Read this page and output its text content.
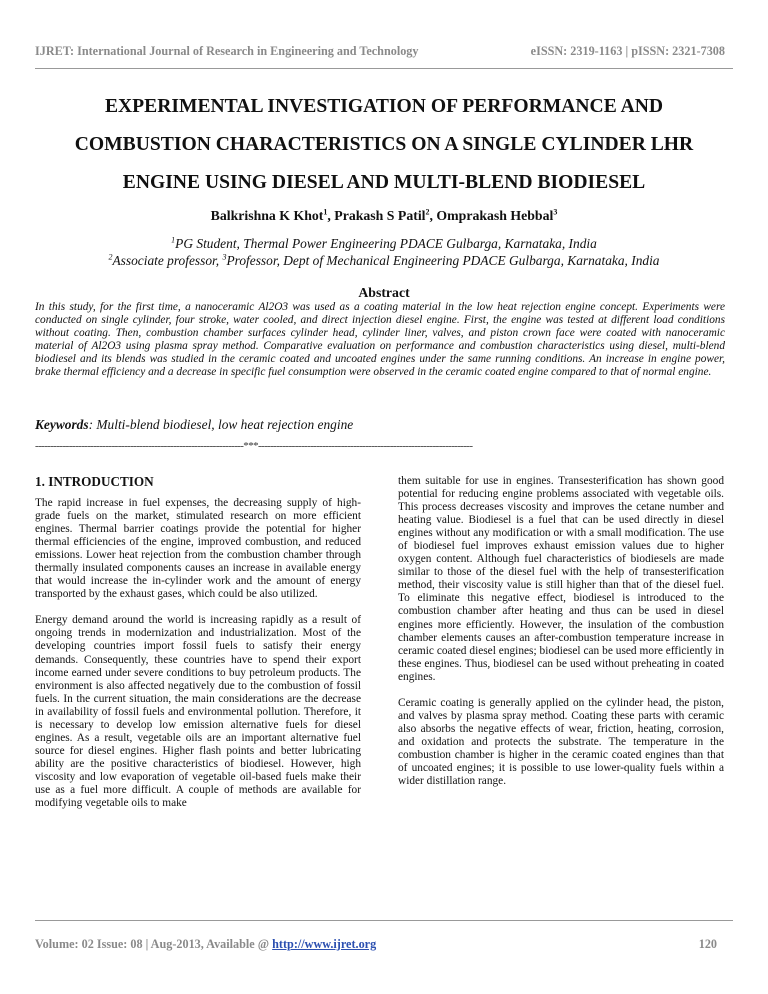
IJRET: International Journal of Research in Engineering and Technology	eISSN: 2319-1163 | pISSN: 2321-7308
EXPERIMENTAL INVESTIGATION OF PERFORMANCE AND
COMBUSTION CHARACTERISTICS ON A SINGLE CYLINDER LHR
ENGINE USING DIESEL AND MULTI-BLEND BIODIESEL
Balkrishna K Khot$^1$, Prakash S Patil$^2$, Omprakash Hebbal$^3$
$^1$PG Student, Thermal Power Engineering PDACE Gulbarga, Karnataka, India
$^2$Associate professor, $^3$Professor, Dept of Mechanical Engineering PDACE Gulbarga, Karnataka, India
Abstract
In this study, for the first time, a nanoceramic Al2O3 was used as a coating material in the low heat rejection engine concept. Experiments were conducted on single cylinder, four stroke, water cooled, and direct injection diesel engine. First, the engine was tested at different load conditions without coating. Then, combustion chamber surfaces cylinder head, cylinder liner, valves, and piston crown face were coated with nanoceramic material of Al2O3 using plasma spray method. Comparative evaluation on performance and combustion characteristics using diesel, multi-blend biodiesel and its blends was studied in the ceramic coated and uncoated engines under the same running conditions. An increase in engine power, brake thermal efficiency and a decrease in specific fuel consumption were observed in the ceramic coated engine compared to that of normal engine.
Keywords: Multi-blend biodiesel, low heat rejection engine
--------------------------------------------------------------------***----------------------------------------------------------------------
1. INTRODUCTION

The rapid increase in fuel expenses, the decreasing supply of high-grade fuels on the market, stimulated research on more efficient engines. Thermal barrier coatings provide the potential for higher thermal efficiencies of the engine, improved combustion, and reduced emissions. Lower heat rejection from the combustion chamber through thermally insulated components causes an increase in available energy that would increase the in-cylinder work and the amount of energy transported by the exhaust gases, which could be also utilized.

Energy demand around the world is increasing rapidly as a result of ongoing trends in modernization and industrialization. Most of the developing countries import fossil fuels to satisfy their energy demands. Consequently, these countries have to spend their export income earned under severe conditions to buy petroleum products. The environment is also affected negatively due to the combustion of fossil fuels. In the current situation, the main considerations are the decrease in availability of fossil fuels and environmental pollution. Therefore, it is necessary to develop low emission alternative fuels for diesel engines. As a result, vegetable oils are an important alternative fuel source for diesel engines. Higher flash points and better lubricating ability are the positive characteristics of biodiesel. However, high viscosity and low evaporation of vegetable oil-based fuels make their use as a fuel more difficult. A couple of methods are available for modifying vegetable oils to make

them suitable for use in engines. Transesterification has shown good potential for reducing engine problems associated with vegetable oils. This process decreases viscosity and improves the cetane number and heating value. Biodiesel is a fuel that can be used directly in diesel engines without any modification or with a small modification. The use of biodiesel fuel improves exhaust emission values due to higher oxygen content. Although fuel characteristics of biodiesels are made similar to those of the diesel fuel with the help of transesterification method, their viscosity value is still higher than that of the diesel fuel. To eliminate this negative effect, biodiesel is introduced to the combustion chamber after heating and thus can be used in diesel engines more efficiently. However, the insulation of the combustion chamber elements causes an after-combustion temperature increase in ceramic coated diesel engines; biodiesel can be used more efficiently in these engines. Thus, biodiesel can be used without preheating in coated engines.

Ceramic coating is generally applied on the cylinder head, the piston, and valves by plasma spray method. Coating these parts with ceramic also absorbs the negative effects of wear, friction, heating, corrosion, and oxidation and protects the substrate. The temperature in the combustion chamber is higher in the ceramic coated engines than that of uncoated engines; it is possible to use lower-quality fuels within a wider distillation range.

Volume: 02 Issue: 08 | Aug-2013, Available @ http://www.ijret.org	120
